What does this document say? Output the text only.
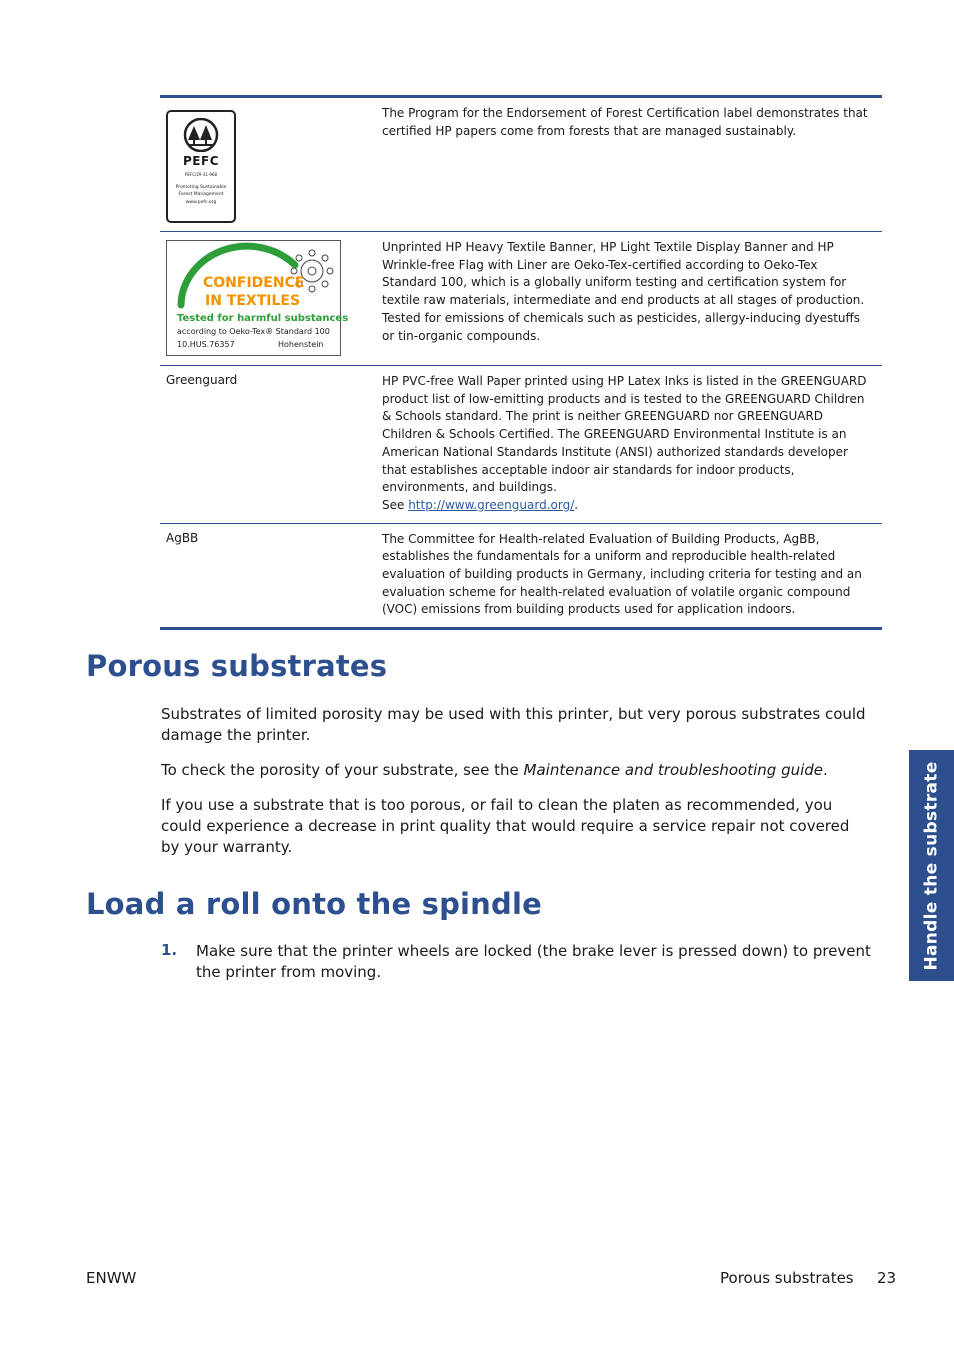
PEFC
PEFC/29-31-968
Promoting Sustainable
Forest Management
www.pefc.org
The Program for the Endorsement of Forest Certification label demonstrates that certified HP papers come from forests that are managed sustainably.
CONFIDENCE
IN TEXTILES
Tested for harmful substances
according to Oeko-Tex® Standard 100
10.HUS.76357	Hohenstein
Unprinted HP Heavy Textile Banner, HP Light Textile Display Banner and HP Wrinkle-free Flag with Liner are Oeko-Tex-certified according to Oeko-Tex Standard 100, which is a globally uniform testing and certification system for textile raw materials, intermediate and end products at all stages of production. Tested for emissions of chemicals such as pesticides, allergy-inducing dyestuffs or tin-organic compounds.
Greenguard	HP PVC-free Wall Paper printed using HP Latex Inks is listed in the GREENGUARD product list of low-emitting products and is tested to the GREENGUARD Children & Schools standard. The print is neither GREENGUARD nor GREENGUARD Children & Schools Certified. The GREENGUARD Environmental Institute is an American National Standards Institute (ANSI) authorized standards developer that establishes acceptable indoor air standards for indoor products, environments, and buildings.
See http://www.greenguard.org/.
AgBB	The Committee for Health-related Evaluation of Building Products, AgBB, establishes the fundamentals for a uniform and reproducible health-related evaluation of building products in Germany, including criteria for testing and an evaluation scheme for health-related evaluation of volatile organic compound (VOC) emissions from building products used for application indoors.
Porous substrates

Substrates of limited porosity may be used with this printer, but very porous substrates could damage the printer.

To check the porosity of your substrate, see the Maintenance and troubleshooting guide.

If you use a substrate that is too porous, or fail to clean the platen as recommended, you could experience a decrease in print quality that would require a service repair not covered by your warranty.

Load a roll onto the spindle
1. Make sure that the printer wheels are locked (the brake lever is pressed down) to prevent the printer from moving.

Handle the substrate
ENWW	Porous substrates 23
